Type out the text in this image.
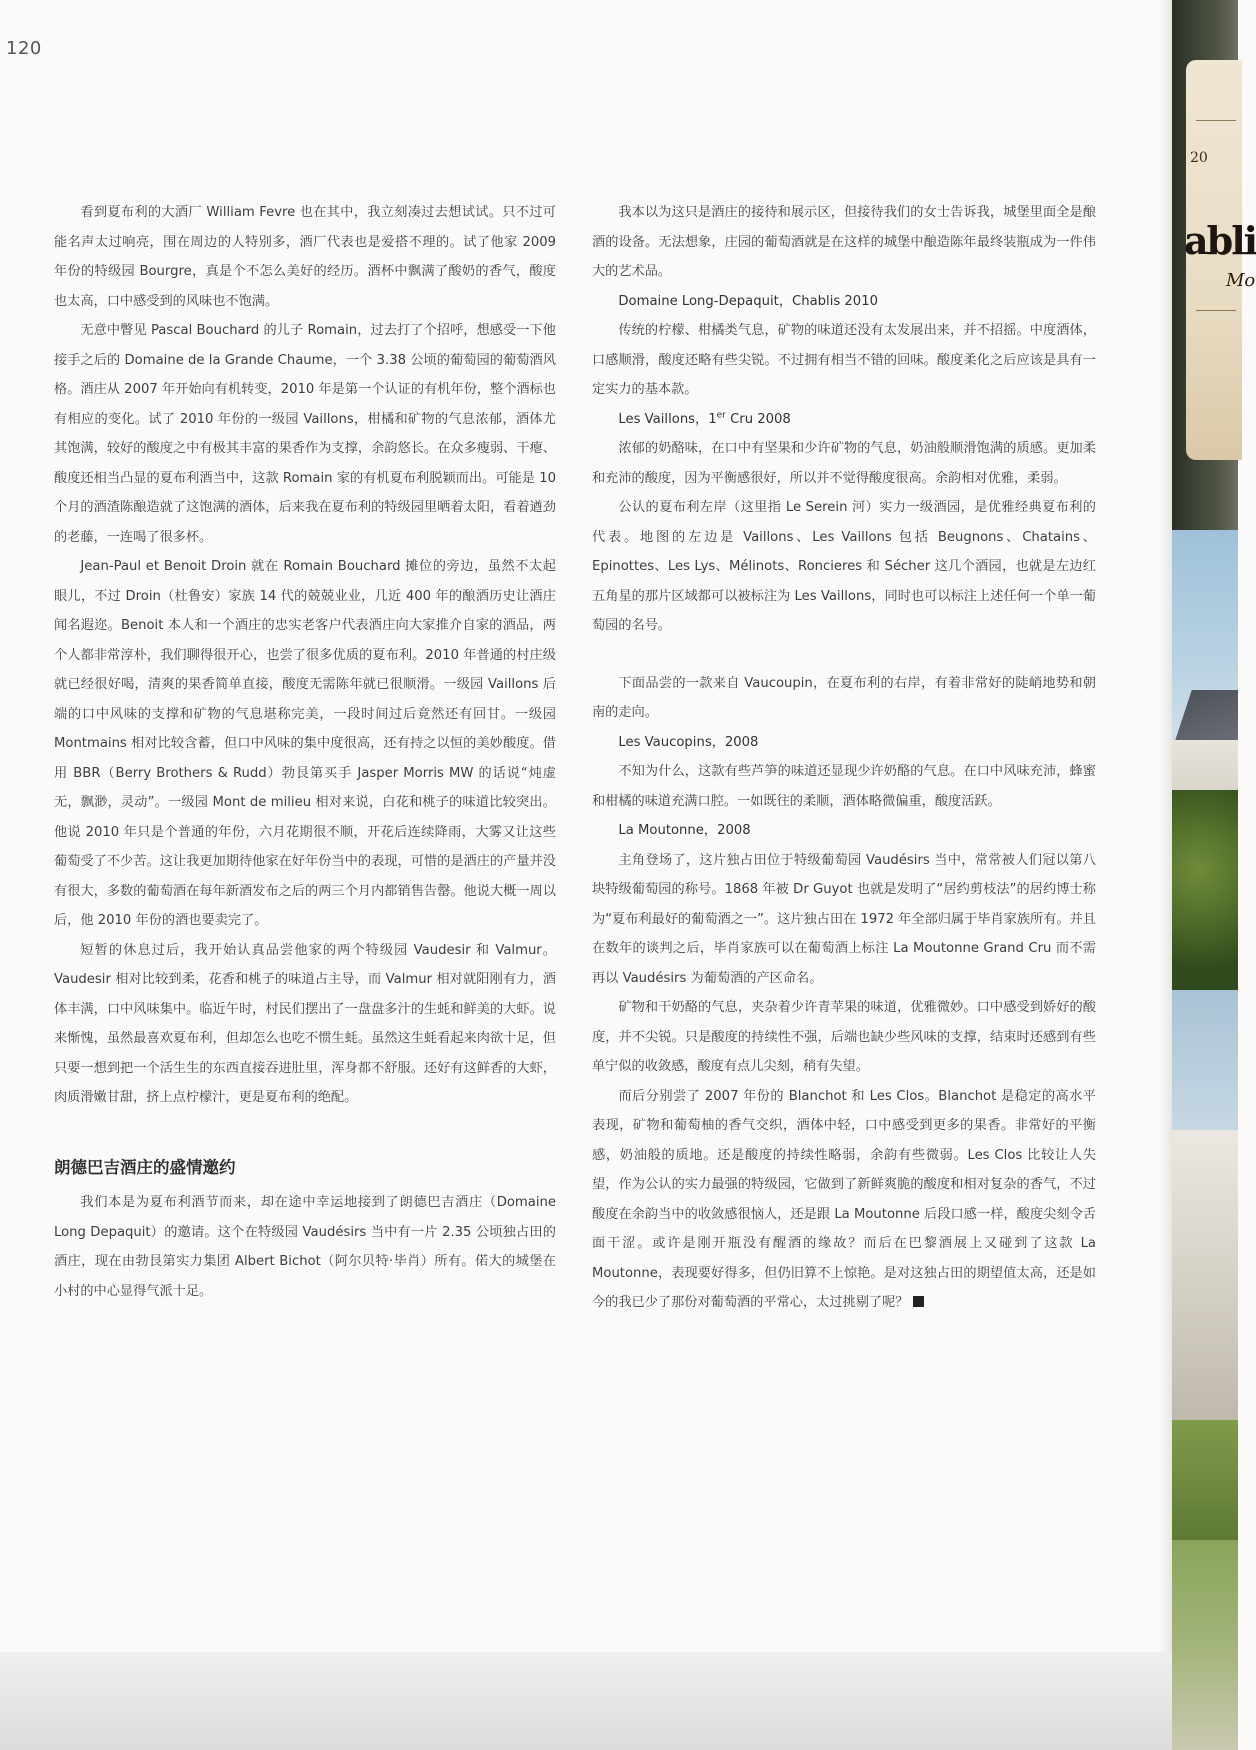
120

看到夏布利的大酒厂 William Fevre 也在其中，我立刻凑过去想试试。只不过可能名声太过响亮，围在周边的人特别多，酒厂代表也是爱搭不理的。试了他家 2009 年份的特级园 Bourgre，真是个不怎么美好的经历。酒杯中飘满了酸奶的香气，酸度也太高，口中感受到的风味也不饱满。

无意中瞥见 Pascal Bouchard 的儿子 Romain，过去打了个招呼，想感受一下他接手之后的 Domaine de la Grande Chaume，一个 3.38 公顷的葡萄园的葡萄酒风格。酒庄从 2007 年开始向有机转变，2010 年是第一个认证的有机年份，整个酒标也有相应的变化。试了 2010 年份的一级园 Vaillons，柑橘和矿物的气息浓郁，酒体尤其饱满，较好的酸度之中有极其丰富的果香作为支撑，余韵悠长。在众多瘦弱、干瘪、酸度还相当凸显的夏布利酒当中，这款 Romain 家的有机夏布利脱颖而出。可能是 10 个月的酒渣陈酿造就了这饱满的酒体，后来我在夏布利的特级园里晒着太阳，看着遒劲的老藤，一连喝了很多杯。

Jean-Paul et Benoit Droin 就在 Romain Bouchard 摊位的旁边，虽然不太起眼儿，不过 Droin（杜鲁安）家族 14 代的兢兢业业，几近 400 年的酿酒历史让酒庄闻名遐迩。Benoit 本人和一个酒庄的忠实老客户代表酒庄向大家推介自家的酒品，两个人都非常淳朴，我们聊得很开心，也尝了很多优质的夏布利。2010 年普通的村庄级就已经很好喝，清爽的果香简单直接，酸度无需陈年就已很顺滑。一级园 Vaillons 后端的口中风味的支撑和矿物的气息堪称完美，一段时间过后竟然还有回甘。一级园 Montmains 相对比较含蓄，但口中风味的集中度很高，还有持之以恒的美妙酸度。借用 BBR（Berry Brothers & Rudd）勃艮第买手 Jasper Morris MW 的话说“炖虚无，飘渺，灵动”。一级园 Mont de milieu 相对来说，白花和桃子的味道比较突出。他说 2010 年只是个普通的年份，六月花期很不顺，开花后连续降雨，大雾又让这些葡萄受了不少苦。这让我更加期待他家在好年份当中的表现，可惜的是酒庄的产量并没有很大，多数的葡萄酒在每年新酒发布之后的两三个月内都销售告罄。他说大概一周以后，他 2010 年份的酒也要卖完了。

短暂的休息过后，我开始认真品尝他家的两个特级园 Vaudesir 和 Valmur。Vaudesir 相对比较到柔，花香和桃子的味道占主导，而 Valmur 相对就阳刚有力，酒体丰满，口中风味集中。临近午时，村民们摆出了一盘盘多汁的生蚝和鲜美的大虾。说来惭愧，虽然最喜欢夏布利，但却怎么也吃不惯生蚝。虽然这生蚝看起来肉欲十足，但只要一想到把一个活生生的东西直接吞进肚里，浑身都不舒服。还好有这鲜香的大虾，肉质滑嫩甘甜，挤上点柠檬汁，更是夏布利的绝配。

朗德巴吉酒庄的盛情邀约

我们本是为夏布利酒节而来，却在途中幸运地接到了朗德巴吉酒庄（Domaine Long Depaquit）的邀请。这个在特级园 Vaudésirs 当中有一片 2.35 公顷独占田的酒庄，现在由勃艮第实力集团 Albert Bichot（阿尔贝特·毕肖）所有。偌大的城堡在小村的中心显得气派十足。

我本以为这只是酒庄的接待和展示区，但接待我们的女士告诉我，城堡里面全是酿酒的设备。无法想象，庄园的葡萄酒就是在这样的城堡中酿造陈年最终装瓶成为一件伟大的艺术品。

Domaine Long-Depaquit，Chablis 2010

传统的柠檬、柑橘类气息，矿物的味道还没有太发展出来，并不招摇。中度酒体，口感顺滑，酸度还略有些尖锐。不过拥有相当不错的回味。酸度柔化之后应该是具有一定实力的基本款。

Les Vaillons，1er Cru 2008

浓郁的奶酪味，在口中有坚果和少许矿物的气息，奶油般顺滑饱满的质感。更加柔和充沛的酸度，因为平衡感很好，所以并不觉得酸度很高。余韵相对优雅，柔弱。

公认的夏布利左岸（这里指 Le Serein 河）实力一级酒园，是优雅经典夏布利的代表。地图的左边是 Vaillons、Les Vaillons 包括 Beugnons、Chatains、Epinottes、Les Lys、Mélinots、Roncieres 和 Sécher 这几个酒园，也就是左边红五角星的那片区域都可以被标注为 Les Vaillons，同时也可以标注上述任何一个单一葡萄园的名号。

下面品尝的一款来自 Vaucoupin，在夏布利的右岸，有着非常好的陡峭地势和朝南的走向。

Les Vaucopins，2008

不知为什么，这款有些芦笋的味道还显现少许奶酪的气息。在口中风味充沛，蜂蜜和柑橘的味道充满口腔。一如既往的柔顺，酒体略微偏重，酸度活跃。

La Moutonne，2008

主角登场了，这片独占田位于特级葡萄园 Vaudésirs 当中，常常被人们冠以第八块特级葡萄园的称号。1868 年被 Dr Guyot 也就是发明了“居约剪枝法”的居约博士称为“夏布利最好的葡萄酒之一”。这片独占田在 1972 年全部归属于毕肖家族所有。并且在数年的谈判之后，毕肖家族可以在葡萄酒上标注 La Moutonne Grand Cru 而不需再以 Vaudésirs 为葡萄酒的产区命名。

矿物和干奶酪的气息，夹杂着少许青苹果的味道，优雅微妙。口中感受到娇好的酸度，并不尖锐。只是酸度的持续性不强，后端也缺少些风味的支撑，结束时还感到有些单宁似的收敛感，酸度有点儿尖刻，稍有失望。

而后分别尝了 2007 年份的 Blanchot 和 Les Clos。Blanchot 是稳定的高水平表现，矿物和葡萄柚的香气交织，酒体中轻，口中感受到更多的果香。非常好的平衡感，奶油般的质地。还是酸度的持续性略弱，余韵有些微弱。Les Clos 比较让人失望，作为公认的实力最强的特级园，它做到了新鲜爽脆的酸度和相对复杂的香气，不过酸度在余韵当中的收敛感很恼人，还是跟 La Moutonne 后段口感一样，酸度尖刻令舌面干涩。或许是刚开瓶没有醒酒的缘故？而后在巴黎酒展上又碰到了这款 La Moutonne，表现要好得多，但仍旧算不上惊艳。是对这独占田的期望值太高，还是如今的我已少了那份对葡萄酒的平常心，太过挑剔了呢？

20
abli
Mo
